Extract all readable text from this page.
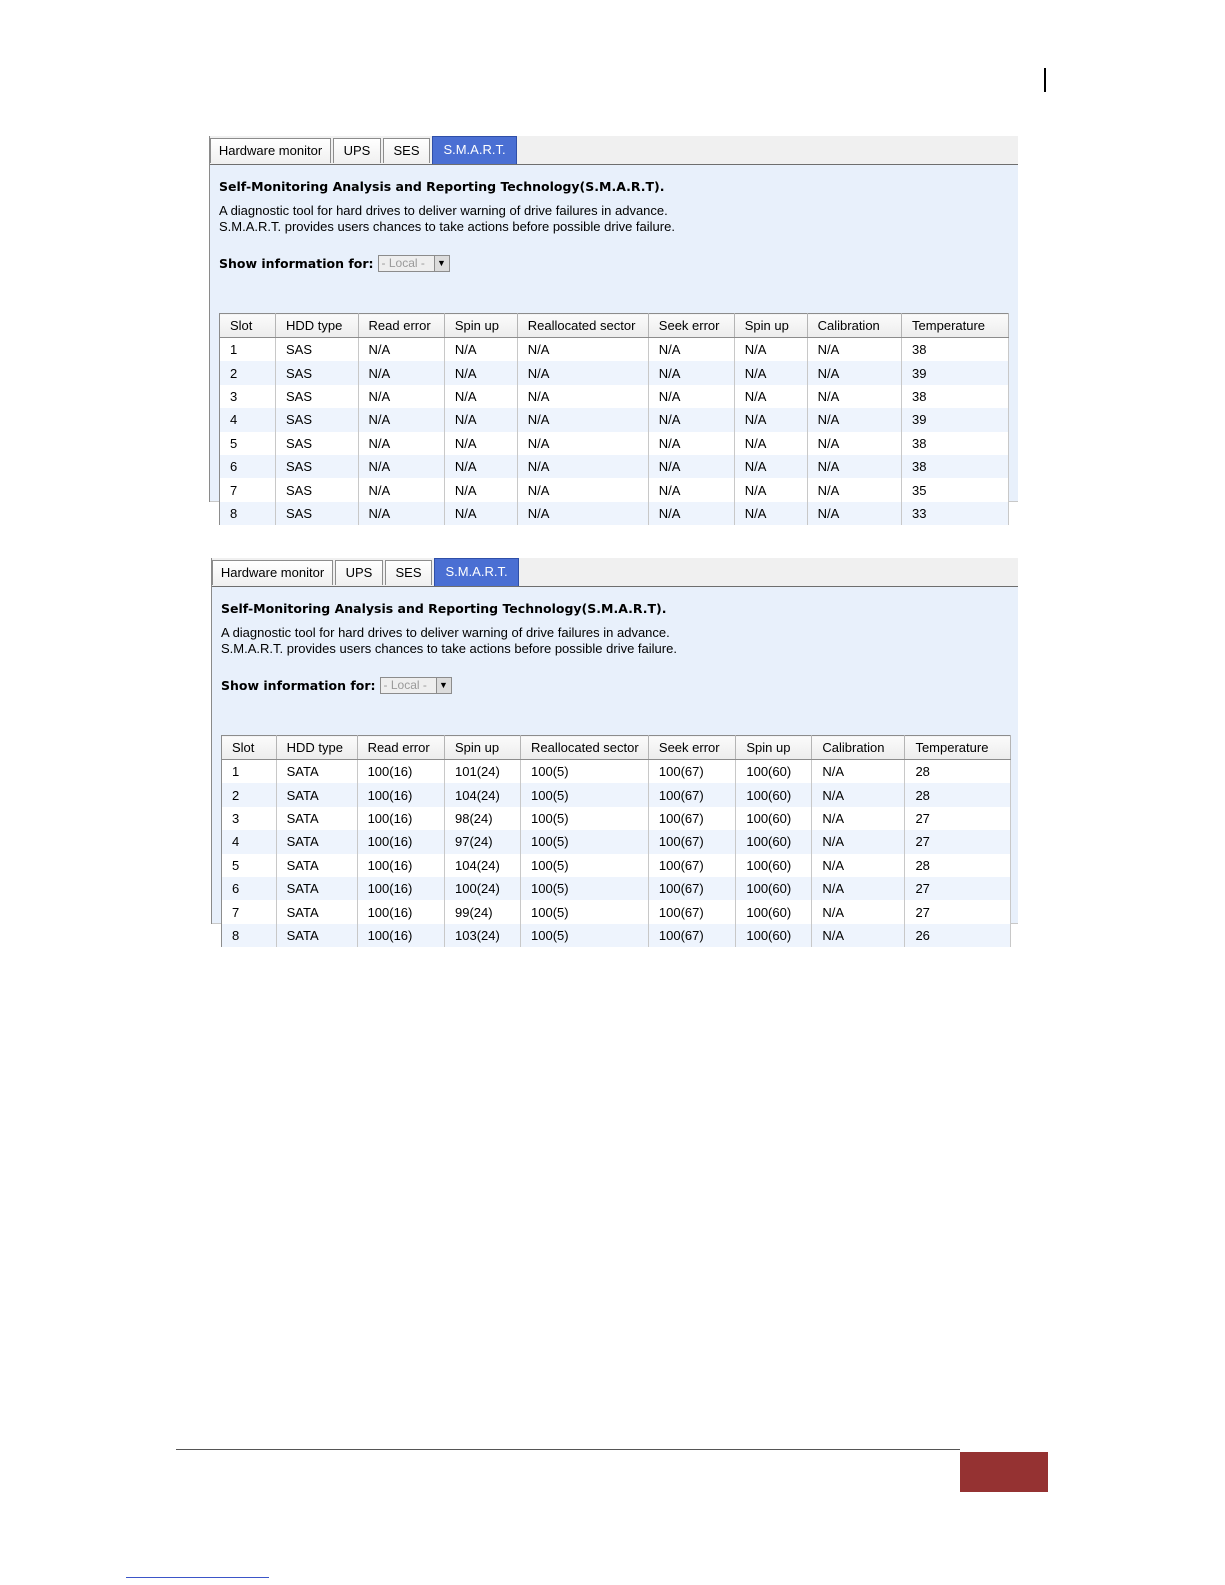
Hardware monitor	UPS	SES	S.M.A.R.T.
Self-Monitoring Analysis and Reporting Technology(S.M.A.R.T).

A diagnostic tool for hard drives to deliver warning of drive failures in advance.

S.M.A.R.T. provides users chances to take actions before possible drive failure.

Show information for: - Local -	▼
Slot	HDD type	Read error	Spin up	Reallocated sector	Seek error	Spin up	Calibration	Temperature
1	SAS	N/A	N/A	N/A	N/A	N/A	N/A	38
2	SAS	N/A	N/A	N/A	N/A	N/A	N/A	39
3	SAS	N/A	N/A	N/A	N/A	N/A	N/A	38
4	SAS	N/A	N/A	N/A	N/A	N/A	N/A	39
5	SAS	N/A	N/A	N/A	N/A	N/A	N/A	38
6	SAS	N/A	N/A	N/A	N/A	N/A	N/A	38
7	SAS	N/A	N/A	N/A	N/A	N/A	N/A	35
8	SAS	N/A	N/A	N/A	N/A	N/A	N/A	33
Hardware monitor	UPS	SES	S.M.A.R.T.
Self-Monitoring Analysis and Reporting Technology(S.M.A.R.T).

A diagnostic tool for hard drives to deliver warning of drive failures in advance.

S.M.A.R.T. provides users chances to take actions before possible drive failure.

Show information for: - Local -	▼
Slot	HDD type	Read error	Spin up	Reallocated sector	Seek error	Spin up	Calibration	Temperature
1	SATA	100(16)	101(24)	100(5)	100(67)	100(60)	N/A	28
2	SATA	100(16)	104(24)	100(5)	100(67)	100(60)	N/A	28
3	SATA	100(16)	98(24)	100(5)	100(67)	100(60)	N/A	27
4	SATA	100(16)	97(24)	100(5)	100(67)	100(60)	N/A	27
5	SATA	100(16)	104(24)	100(5)	100(67)	100(60)	N/A	28
6	SATA	100(16)	100(24)	100(5)	100(67)	100(60)	N/A	27
7	SATA	100(16)	99(24)	100(5)	100(67)	100(60)	N/A	27
8	SATA	100(16)	103(24)	100(5)	100(67)	100(60)	N/A	26
